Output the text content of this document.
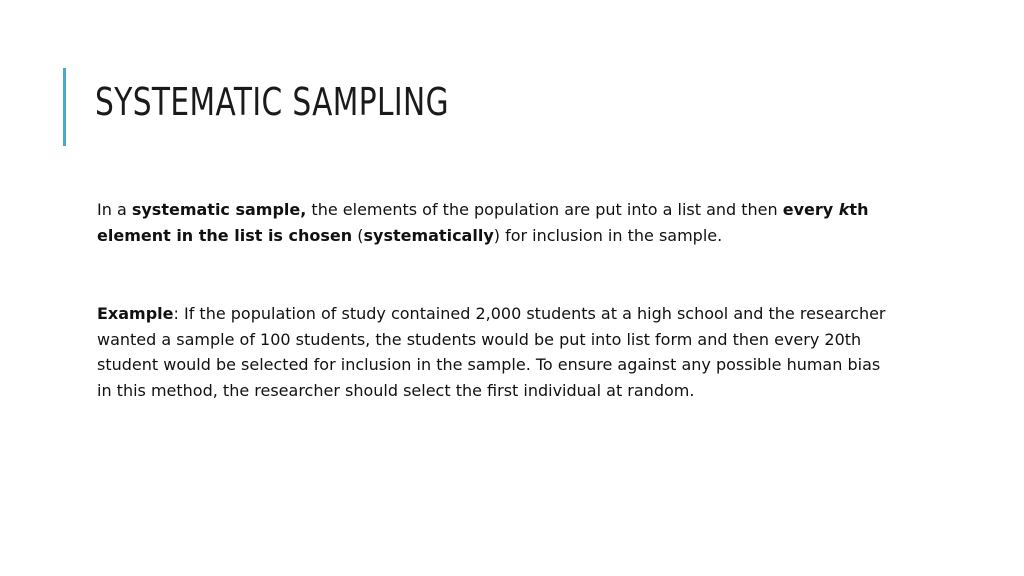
SYSTEMATIC SAMPLING

In a systematic sample, the elements of the population are put into a list and then every kth element in the list is chosen (systematically) for inclusion in the sample.

Example: If the population of study contained 2,000 students at a high school and the researcher wanted a sample of 100 students, the students would be put into list form and then every 20th student would be selected for inclusion in the sample. To ensure against any possible human bias in this method, the researcher should select the first individual at random.
